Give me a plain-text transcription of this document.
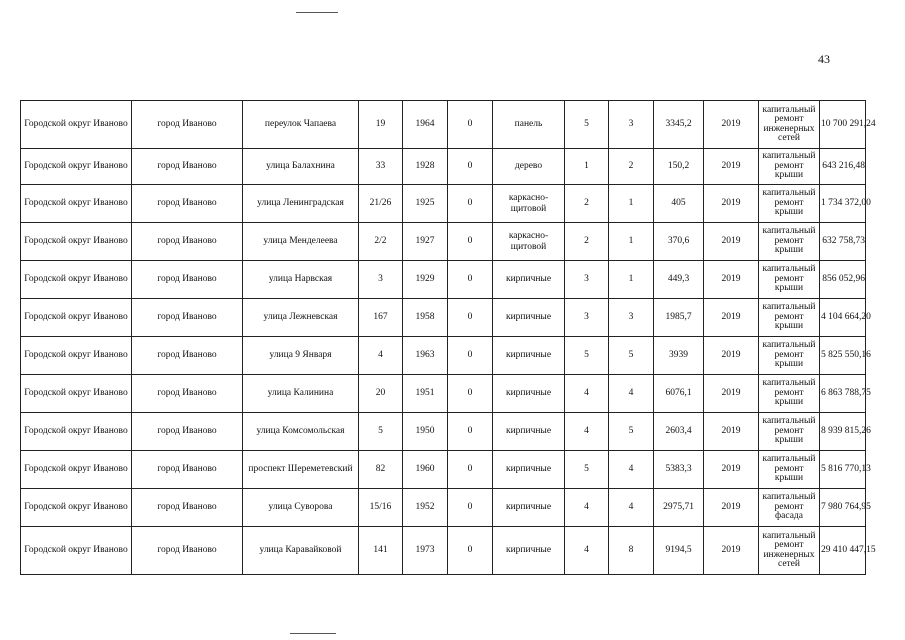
43
Городской округ Иваново	город Иваново	переулок Чапаева	19	1964	0	панель	5	3	3345,2	2019	капитальный ремонт инженерных сетей	10 700 291,24
Городской округ Иваново	город Иваново	улица Балахнина	33	1928	0	дерево	1	2	150,2	2019	капитальный ремонт крыши	643 216,48
Городской округ Иваново	город Иваново	улица Ленинградская	21/26	1925	0	каркасно-щитовой	2	1	405	2019	капитальный ремонт крыши	1 734 372,00
Городской округ Иваново	город Иваново	улица Менделеева	2/2	1927	0	каркасно-щитовой	2	1	370,6	2019	капитальный ремонт крыши	632 758,73
Городской округ Иваново	город Иваново	улица Нарвская	3	1929	0	кирпичные	3	1	449,3	2019	капитальный ремонт крыши	856 052,96
Городской округ Иваново	город Иваново	улица Лежневская	167	1958	0	кирпичные	3	3	1985,7	2019	капитальный ремонт крыши	4 104 664,20
Городской округ Иваново	город Иваново	улица 9 Января	4	1963	0	кирпичные	5	5	3939	2019	капитальный ремонт крыши	5 825 550,16
Городской округ Иваново	город Иваново	улица Калинина	20	1951	0	кирпичные	4	4	6076,1	2019	капитальный ремонт крыши	6 863 788,75
Городской округ Иваново	город Иваново	улица Комсомольская	5	1950	0	кирпичные	4	5	2603,4	2019	капитальный ремонт крыши	8 939 815,26
Городской округ Иваново	город Иваново	проспект Шереметевский	82	1960	0	кирпичные	5	4	5383,3	2019	капитальный ремонт крыши	5 816 770,13
Городской округ Иваново	город Иваново	улица Суворова	15/16	1952	0	кирпичные	4	4	2975,71	2019	капитальный ремонт фасада	7 980 764,95
Городской округ Иваново	город Иваново	улица Каравайковой	141	1973	0	кирпичные	4	8	9194,5	2019	капитальный ремонт инженерных сетей	29 410 447,15
